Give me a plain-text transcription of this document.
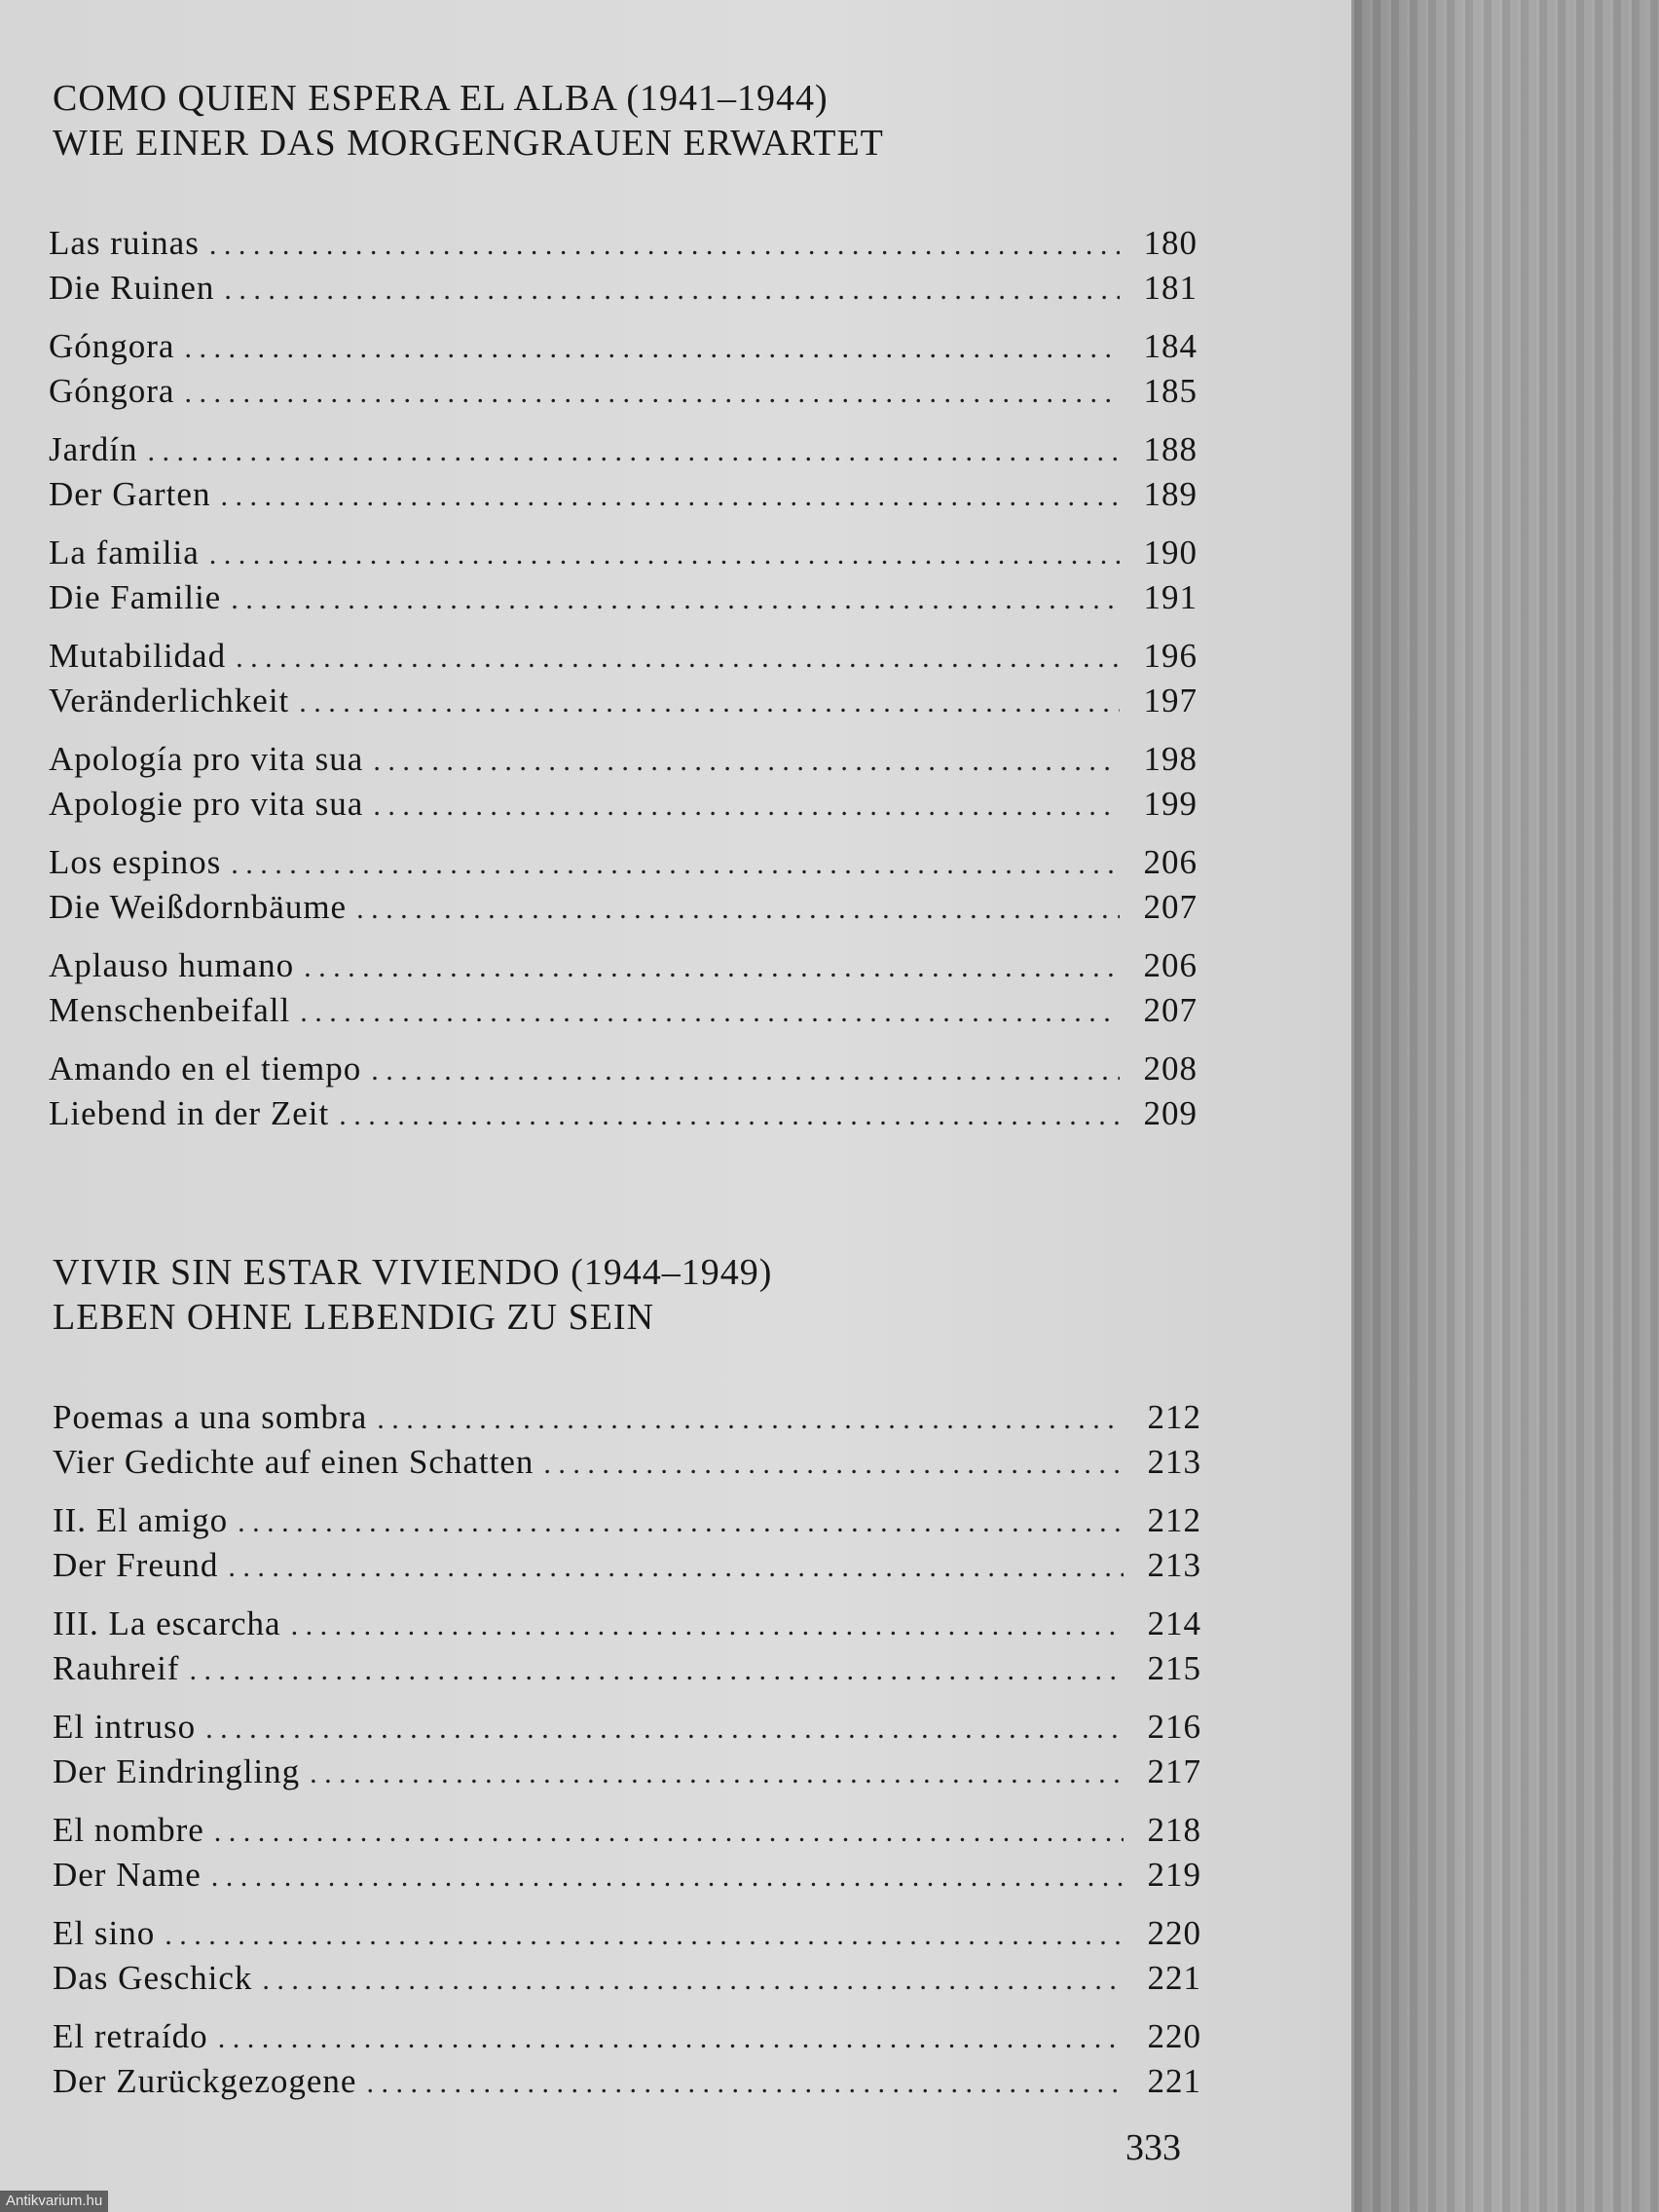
COMO QUIEN ESPERA EL ALBA (1941–1944)
WIE EINER DAS MORGENGRAUEN ERWARTET
Las ruinas . . .	180
Die Ruinen . . .	181
Góngora . . .	184
Góngora . . .	185
Jardín . . .	188
Der Garten . . .	189
La familia . . .	190
Die Familie . . .	191
Mutabilidad . . .	196
Veränderlichkeit . . .	197
Apología pro vita sua . . .	198
Apologie pro vita sua . . .	199
Los espinos . . .	206
Die Weißdornbäume . . .	207
Aplauso humano . . .	206
Menschenbeifall . . .	207
Amando en el tiempo . . .	208
Liebend in der Zeit . . .	209
VIVIR SIN ESTAR VIVIENDO (1944–1949)
LEBEN OHNE LEBENDIG ZU SEIN
Poemas a una sombra . . .	212
Vier Gedichte auf einen Schatten . . .	213
II. El amigo . . .	212
Der Freund . . .	213
III. La escarcha . . .	214
Rauhreif . . .	215
El intruso . . .	216
Der Eindringling . . .	217
El nombre . . .	218
Der Name . . .	219
El sino . . .	220
Das Geschick . . .	221
El retraído . . .	220
Der Zurückgezogene . . .	221
333
Antikvarium.hu
